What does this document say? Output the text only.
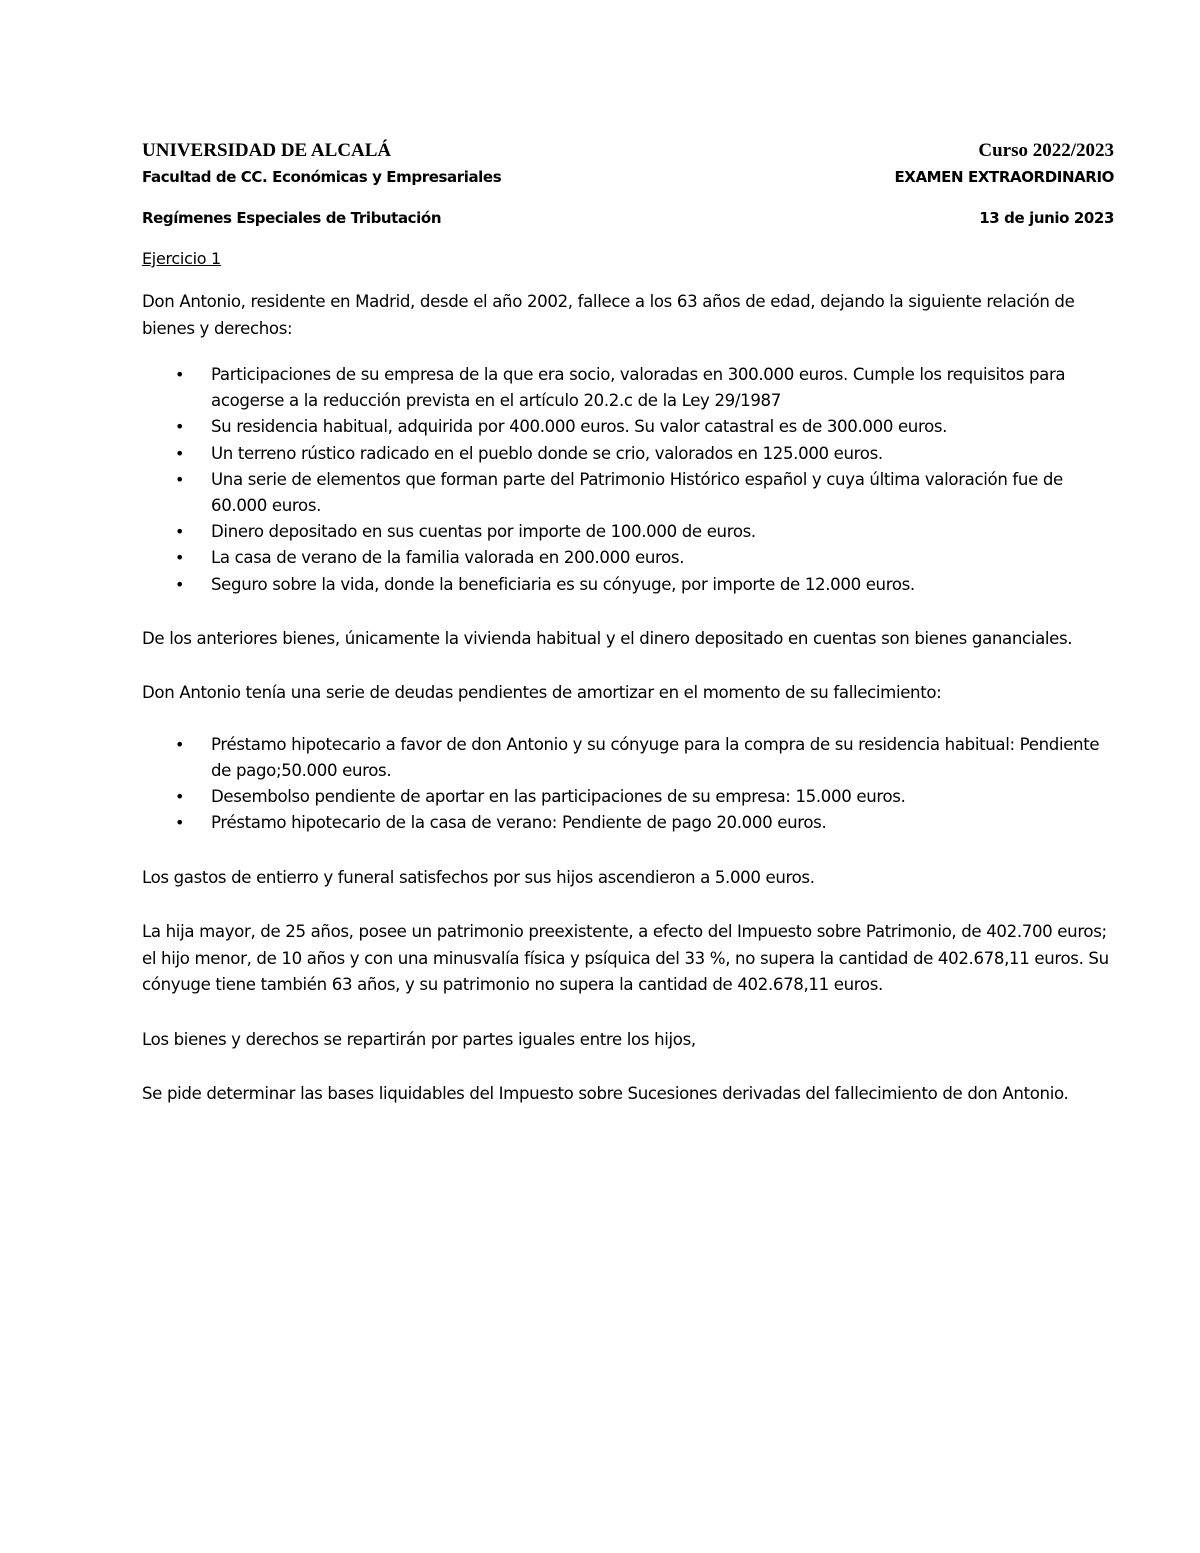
UNIVERSIDAD DE ALCALÁ	Curso 2022/2023
Facultad de CC. Económicas y Empresariales	EXAMEN EXTRAORDINARIO
Regímenes Especiales de Tributación	13 de junio 2023
Ejercicio 1

Don Antonio, residente en Madrid, desde el año 2002, fallece a los 63 años de edad, dejando la siguiente relación de bienes y derechos:

• Participaciones de su empresa de la que era socio, valoradas en 300.000 euros. Cumple los requisitos para acogerse a la reducción prevista en el artículo 20.2.c de la Ley 29/1987
• Su residencia habitual, adquirida por 400.000 euros. Su valor catastral es de 300.000 euros.
• Un terreno rústico radicado en el pueblo donde se crio, valorados en 125.000 euros.
• Una serie de elementos que forman parte del Patrimonio Histórico español y cuya última valoración fue de 60.000 euros.
• Dinero depositado en sus cuentas por importe de 100.000 de euros.
• La casa de verano de la familia valorada en 200.000 euros.
• Seguro sobre la vida, donde la beneficiaria es su cónyuge, por importe de 12.000 euros.

De los anteriores bienes, únicamente la vivienda habitual y el dinero depositado en cuentas son bienes gananciales.

Don Antonio tenía una serie de deudas pendientes de amortizar en el momento de su fallecimiento:

• Préstamo hipotecario a favor de don Antonio y su cónyuge para la compra de su residencia habitual: Pendiente de pago;50.000 euros.
• Desembolso pendiente de aportar en las participaciones de su empresa: 15.000 euros.
• Préstamo hipotecario de la casa de verano: Pendiente de pago 20.000 euros.

Los gastos de entierro y funeral satisfechos por sus hijos ascendieron a 5.000 euros.

La hija mayor, de 25 años, posee un patrimonio preexistente, a efecto del Impuesto sobre Patrimonio, de 402.700 euros; el hijo menor, de 10 años y con una minusvalía física y psíquica del 33 %, no supera la cantidad de 402.678,11 euros. Su cónyuge tiene también 63 años, y su patrimonio no supera la cantidad de 402.678,11 euros.

Los bienes y derechos se repartirán por partes iguales entre los hijos,

Se pide determinar las bases liquidables del Impuesto sobre Sucesiones derivadas del fallecimiento de don Antonio.
